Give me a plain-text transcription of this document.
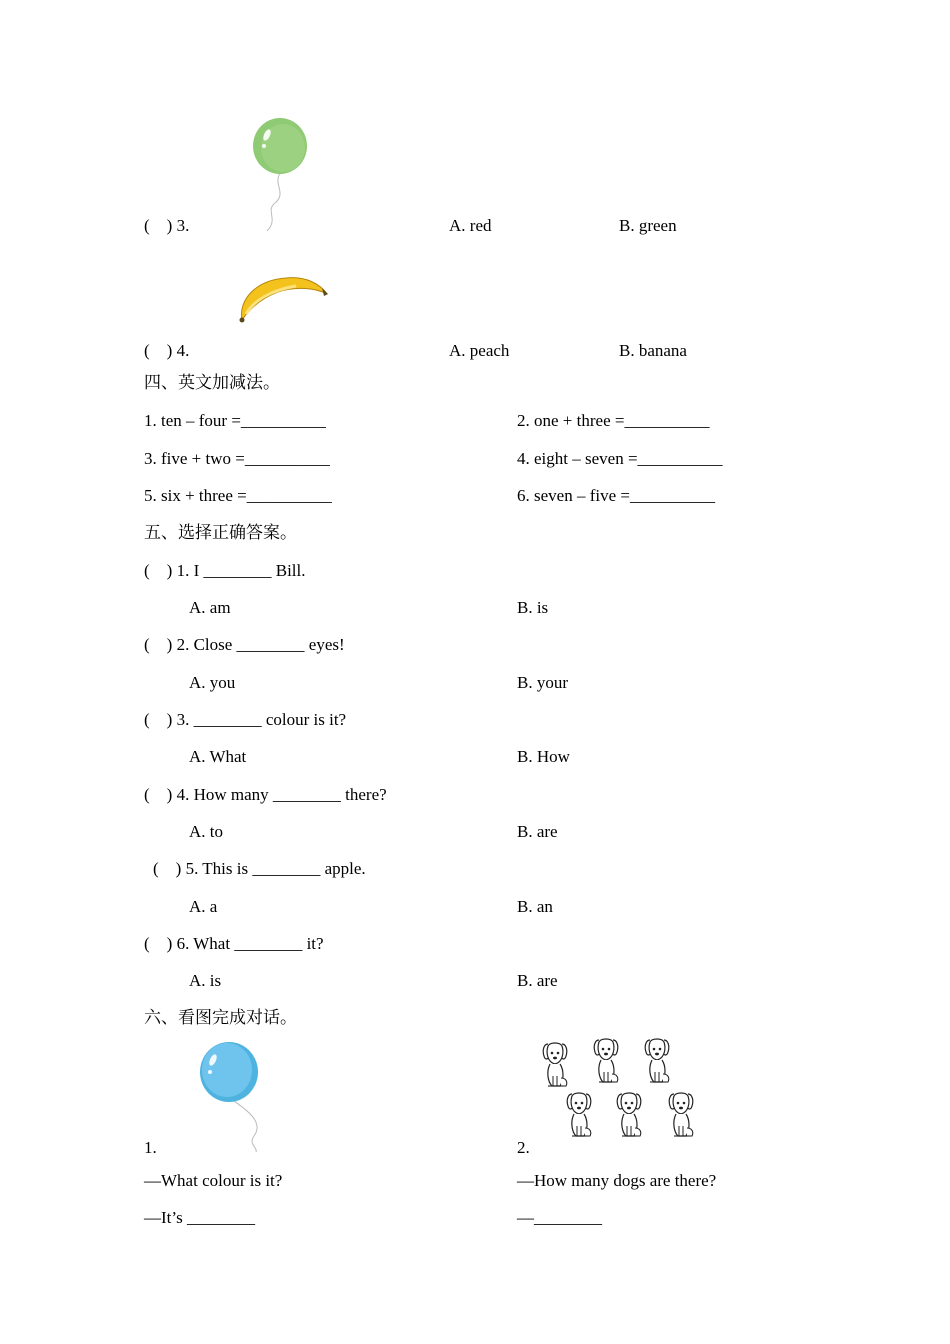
(    ) 3.	A. red	B. green
(    ) 4.	A. peach	B. banana
四、英文加减法。
1. ten – four =__________	2. one + three =__________
3. five + two =__________	4. eight – seven =__________
5. six + three =__________	6. seven – five =__________
五、选择正确答案。
(    ) 1. I ________ Bill.
A. am	B. is
(    ) 2. Close ________ eyes!
A. you	B. your
(    ) 3. ________ colour is it?
A. What	B. How
(    ) 4. How many ________ there?
A. to	B. are
(    ) 5. This is ________ apple.
A. a	B. an
(    ) 6. What ________ it?
A. is	B. are
六、看图完成对话。
1.	2.
—What colour is it?	—How many dogs are there?
—It’s ________	—________
